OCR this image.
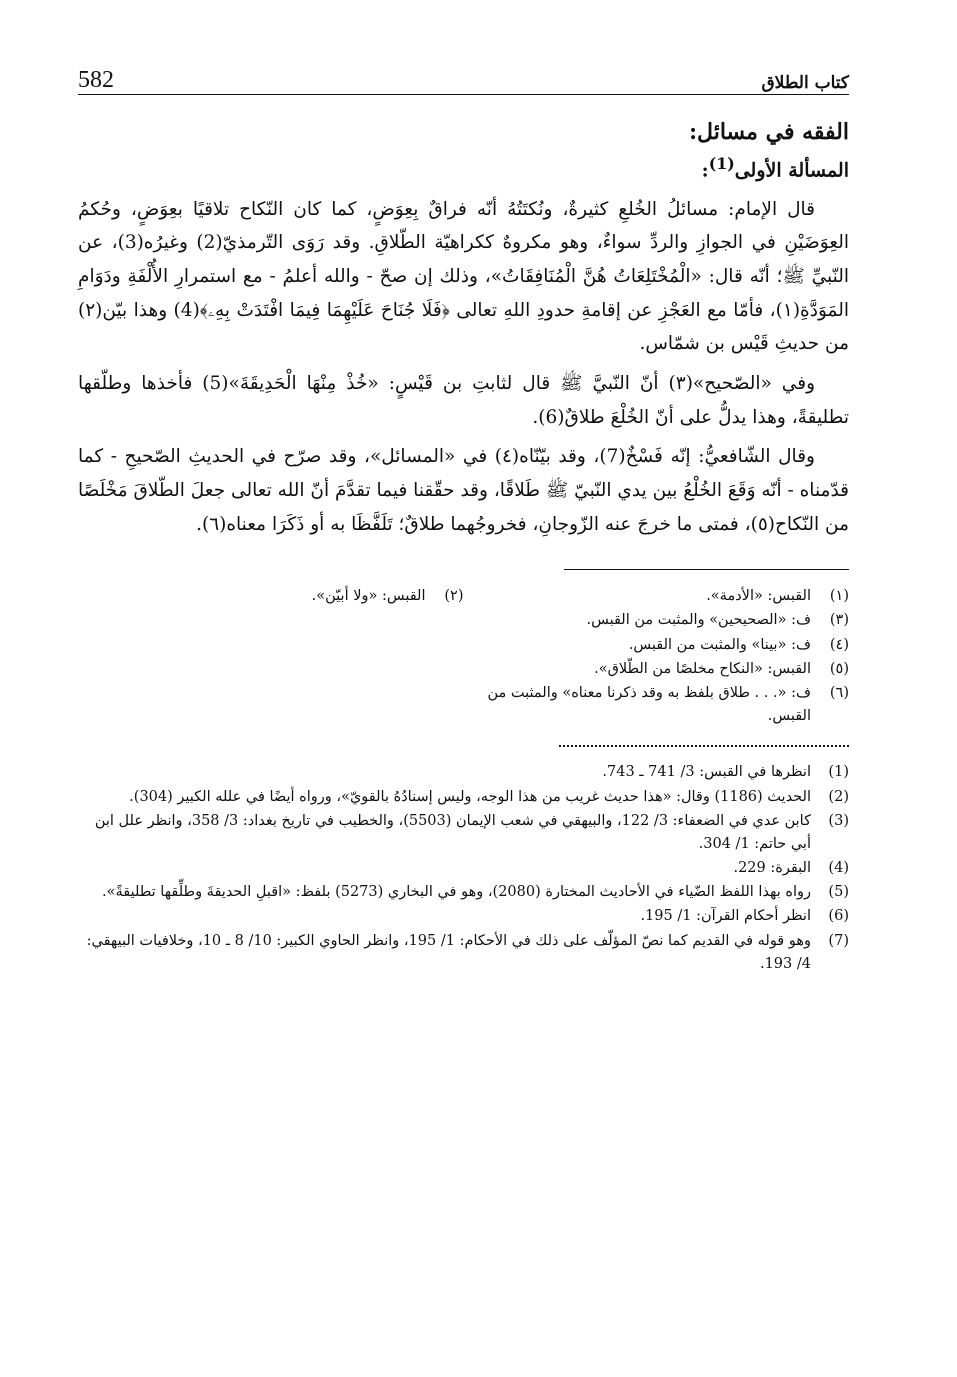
582	كتاب الطلاق
الفقه في مسائل:
المسألة الأولى$^{(1)}$:

قال الإمام: مسائلُ الخُلعِ كثيرةٌ، ونُكتَتُهُ أنّه فراقٌ بِعِوَضٍ، كما كان النّكاح تلاقيًا بعِوَضٍ، وحُكمُ العِوَضَيْنِ في الجوازِ والردِّ سواءٌ، وهو مكروهٌ ككراهيّة الطّلاقِ. وقد رَوَى التّرمذيّ(2) وغيرُه(3)، عن النّبيِّ ﷺ؛ أنّه قال: «الْمُخْتَلِعَاتُ هُنَّ الْمُنَافِقَاتُ»، وذلك إن صحّ - والله أعلمُ - مع استمرارِ الأُلْفَةِ ودَوَامِ المَوَدَّةِ(١)، فأمّا مع العَجْزِ عن إقامةِ حدودِ اللهِ تعالى ﴿فَلَا جُنَاحَ عَلَيْهِمَا فِيمَا افْتَدَتْ بِهِۦ﴾(4) وهذا بيّن(٢) من حديثِ قَيْس بن شمّاس.

وفي «الصّحيح»(٣) أنّ النّبيَّ ﷺ قال لثابتِ بن قَيْسٍ: «خُذْ مِنْهَا الْحَدِيقَةَ»(5) فأخذها وطلّقها تطليقةً، وهذا يدلُّ على أنّ الخُلْعَ طلاقٌ(6).

وقال الشّافعيُّ: إنّه فَسْخٌ(7)، وقد بيّنّاه(٤) في «المسائل»، وقد صرّح في الحديثِ الصّحيحِ - كما قدّمناه - أنّه وَقَعَ الخُلْعُ بين يدي النّبيّ ﷺ طَلاقًا، وقد حقّقنا فيما تقدَّمَ أنّ الله تعالى جعلَ الطّلاقَ مَخْلَصًا من النّكاح(٥)، فمتى ما خرجَ عنه الزّوجانِ، فخروجُهما طلاقٌ؛ تَلَفَّظَا به أو ذَكَرَا معناه(٦).

(١)
القبس: «الأدمة».
(٣)
ف: «الصحيحين» والمثبت من القبس.
(٤)
ف: «بينا» والمثبت من القبس.
(٥)
القبس: «النكاح مخلصًا من الطّلاق».
(٦)
ف: «. . . طلاق بلفظ به وقد ذكرنا معناه» والمثبت من القبس.
(٢)
القبس: «ولا أبيّن».
(1)
انظرها في القبس: 3/ 741 ـ 743.
(2)
الحديث (1186) وقال: «هذا حديث غريب من هذا الوجه، وليس إسنادُهُ بالقويّ»، ورواه أيضًا في علله الكبير (304).
(3)
كابن عدي في الضعفاء: 3/ 122، والبيهقي في شعب الإيمان (5503)، والخطيب في تاريخ بغداد: 3/ 358، وانظر علل ابن أبي حاتم: 1/ 304.
(4)
البقرة: 229.
(5)
رواه بهذا اللفظ الضّياء في الأحاديث المختارة (2080)، وهو في البخاري (5273) بلفظ: «اقبلِ الحديقةَ وطلِّقها تطليقةً».
(6)
انظر أحكام القرآن: 1/ 195.
(7)
وهو قوله في القديم كما نصّ المؤلّف على ذلك في الأحكام: 1/ 195، وانظر الحاوي الكبير: 10/ 8 ـ 10، وخلافيات البيهقي: 4/ 193.
